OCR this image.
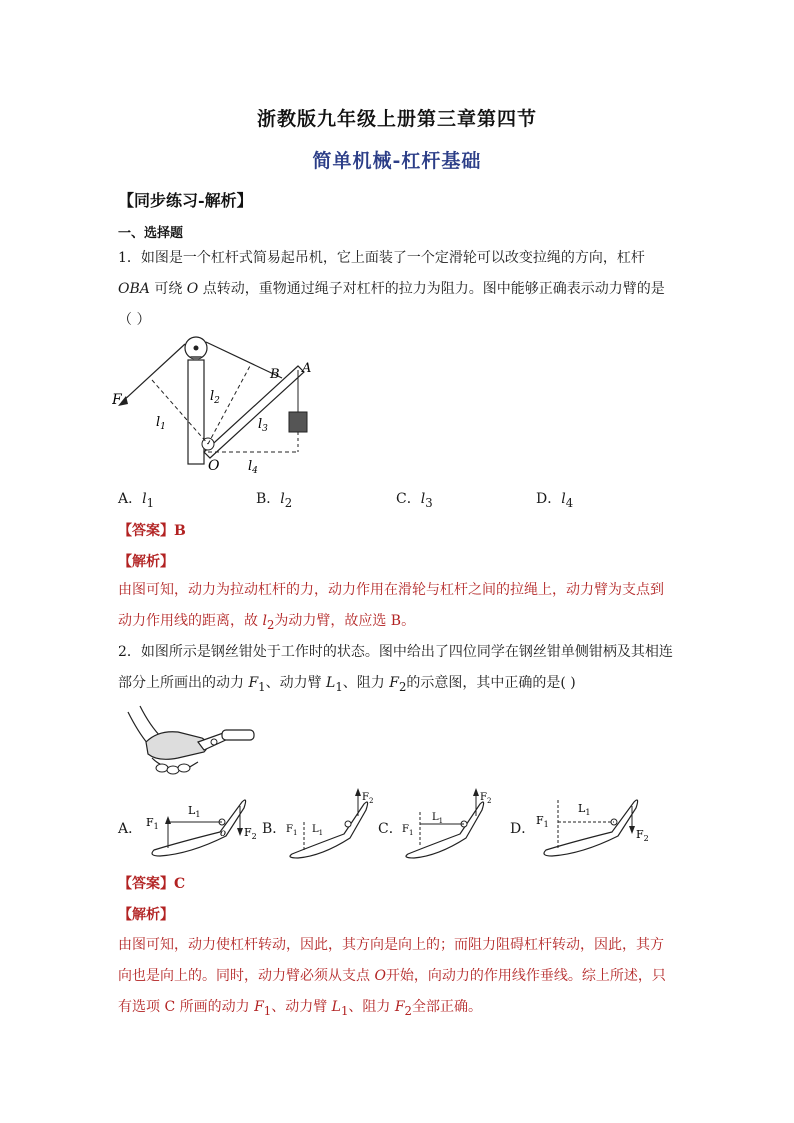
浙教版九年级上册第三章第四节
简单机械-杠杆基础
【同步练习-解析】
一、选择题
1．如图是一个杠杆式简易起吊机，它上面装了一个定滑轮可以改变拉绳的方向，杠杆
OBA 可绕 O 点转动，重物通过绳子对杠杆的拉力为阻力。图中能够正确表示动力臂的是
（ ）
F
A
B
O
$l_1$
$l_2$
$l_3$
$l_4$
A．$l_1$	B．$l_2$	C．$l_3$	D．$l_4$
【答案】B
【解析】
由图可知，动力为拉动杠杆的力，动力作用在滑轮与杠杆之间的拉绳上，动力臂为支点到
动力作用线的距离，故 $l_2$为动力臂，故应选 B。
2．如图所示是钢丝钳处于工作时的状态。图中给出了四位同学在钢丝钳单侧钳柄及其相连
部分上所画出的动力 $F_1$、动力臂 $L_1$、阻力 $F_2$的示意图，其中正确的是( )
A． $F_1$
$L_1$
$F_2$
o	B． $F_1$ $L_1$
$F_2$
C． $F_1$
$L_1$
$F_2$
D．
$F_1$
$L_1$
$F_2$
【答案】C
【解析】
由图可知，动力使杠杆转动，因此，其方向是向上的；而阻力阻碍杠杆转动，因此，其方
向也是向上的。同时，动力臂必须从支点 O开始，向动力的作用线作垂线。综上所述，只
有选项 C 所画的动力 $F_1$、动力臂 $L_1$、阻力 $F_2$全部正确。
